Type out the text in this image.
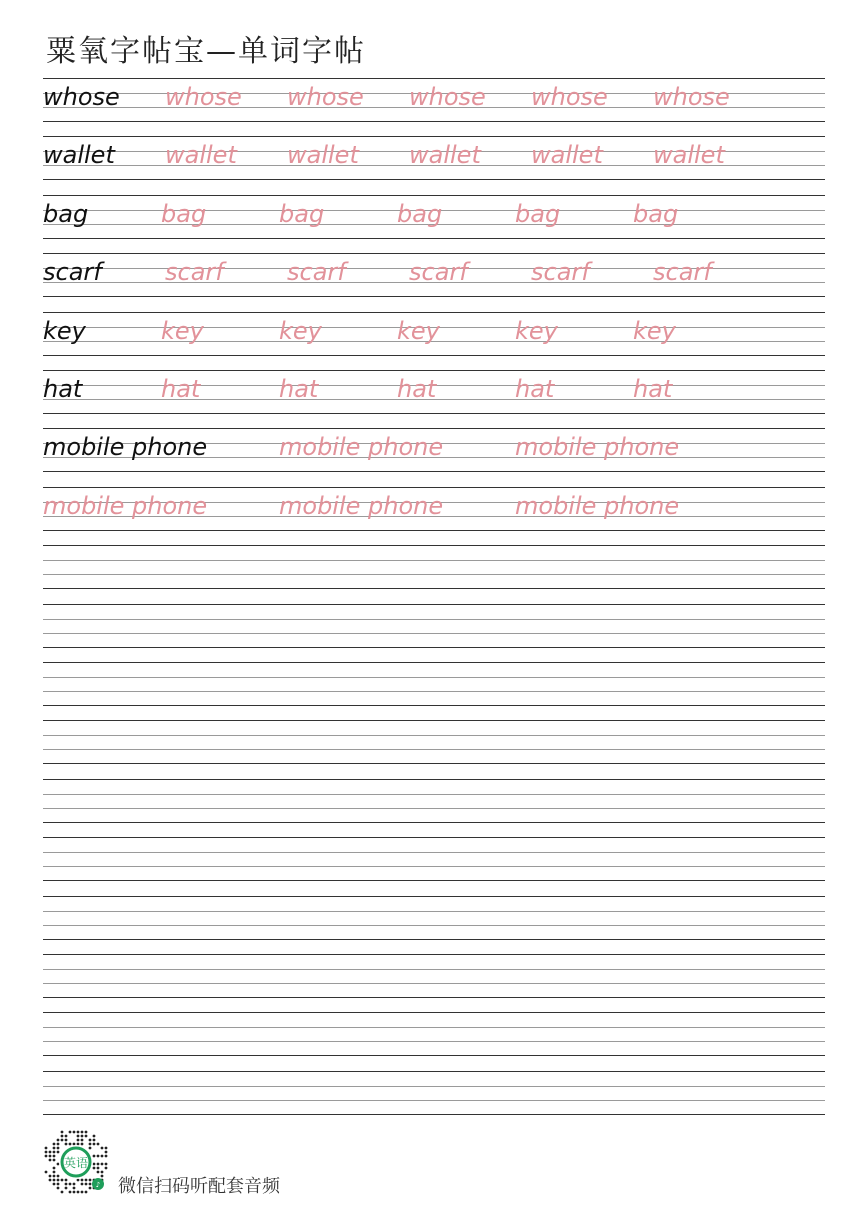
粟氧字帖宝—单词字帖
whose whose whose whose whose whose
wallet wallet wallet wallet wallet wallet
bag	bag	bag	bag	bag	bag
scarf	scarf	scarf	scarf	scarf	scarf
key	key	key	key	key	key
hat	hat	hat	hat	hat	hat
mobile phone	mobile phone	mobile phone
mobile phone	mobile phone	mobile phone
英语
♪ 微信扫码听配套音频
